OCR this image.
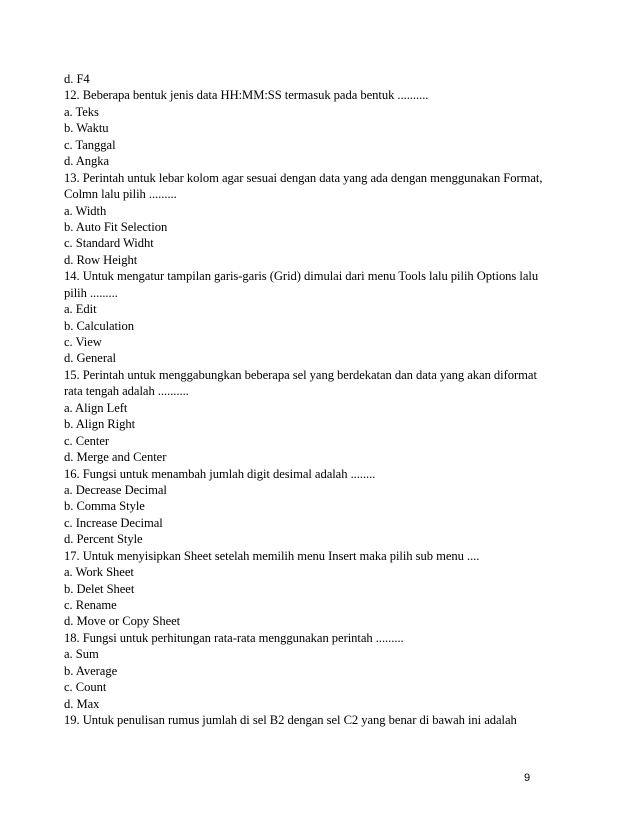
d. F4
12. Beberapa bentuk jenis data HH:MM:SS termasuk pada bentuk ..........
a. Teks
b. Waktu
c. Tanggal
d. Angka
13. Perintah untuk lebar kolom agar sesuai dengan data yang ada dengan menggunakan Format,
Colmn lalu pilih .........
a. Width
b. Auto Fit Selection
c. Standard Widht
d. Row Height
14. Untuk mengatur tampilan garis-garis (Grid) dimulai dari menu Tools lalu pilih Options lalu
pilih .........
a. Edit
b. Calculation
c. View
d. General
15. Perintah untuk menggabungkan beberapa sel yang berdekatan dan data yang akan diformat
rata tengah adalah ..........
a. Align Left
b. Align Right
c. Center
d. Merge and Center
16. Fungsi untuk menambah jumlah digit desimal adalah ........
a. Decrease Decimal
b. Comma Style
c. Increase Decimal
d. Percent Style
17. Untuk menyisipkan Sheet setelah memilih menu Insert maka pilih sub menu ....
a. Work Sheet
b. Delet Sheet
c. Rename
d. Move or Copy Sheet
18. Fungsi untuk perhitungan rata-rata menggunakan perintah .........
a. Sum
b. Average
c. Count
d. Max
19. Untuk penulisan rumus jumlah di sel B2 dengan sel C2 yang benar di bawah ini adalah
9
